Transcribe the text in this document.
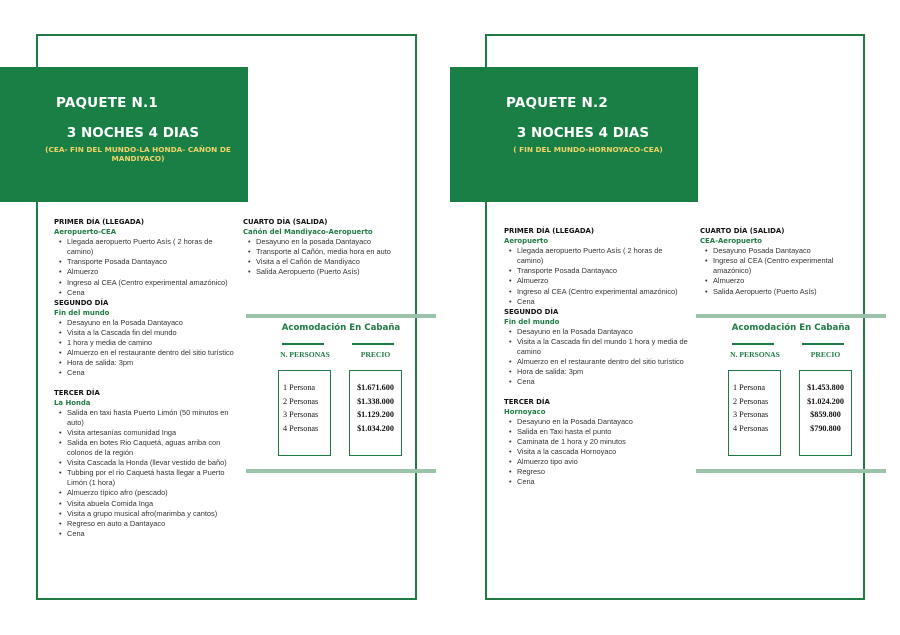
PAQUETE N.1
3 NOCHES 4 DIAS
(CEA- FIN DEL MUNDO-LA HONDA- CAÑON DE MANDIYACO)
PRIMER DÍA (LLEGADA)
Aeropuerto-CEA
• Llegada aeropuerto Puerto Asís ( 2 horas de camino)
• Transporte Posada Dantayaco
• Almuerzo
• Ingreso al CEA (Centro experimental amazónico)
• Cena
SEGUNDO DÍA
Fin del mundo
• Desayuno en la Posada Dantayaco
• Visita a la Cascada fin del mundo
• 1 hora y media de camino
• Almuerzo en el restaurante dentro del sitio turístico
• Hora de salida: 3pm
• Cena
TERCER DÍA
La Honda
• Salida en taxi hasta Puerto Limón (50 minutos en auto)
• Visita artesanías comunidad Inga
• Salida en botes Rio Caquetá, aguas arriba con colonos de la región
• Visita Cascada la Honda (llevar vestido de baño)
• Tubbing por el rio Caquetá hasta llegar a Puerto Limón (1 hora)
• Almuerzo típico afro (pescado)
• Visita abuela Comida Inga
• Visita a grupo musical afro(marimba y cantos)
• Regreso en auto a Dantayaco
• Cena
CUARTO DÍA (SALIDA)
Cañón del Mandiyaco-Aeropuerto
• Desayuno en la posada Dantayaco
• Transporte al Cañón, media hora en auto
• Visita a el Cañón de Mandiyaco
• Salida Aeropuerto (Puerto Asís)
Acomodación En Cabaña
N. PERSONAS	PRECIO
1 Persona
2 Personas
3 Personas
4 Personas
$1.671.600
$1.338.000
$1.129.200
$1.034.200
PAQUETE N.2
3 NOCHES 4 DIAS
( FIN DEL MUNDO-HORNOYACO-CEA)
PRIMER DÍA (LLEGADA)
Aeropuerto
• Llegada aeropuerto Puerto Asís ( 2 horas de camino)
• Transporte Posada Dantayaco
• Almuerzo
• Ingreso al CEA (Centro experimental amazónico)
• Cena
SEGUNDO DÍA
Fin del mundo
• Desayuno en la Posada Dantayaco
• Visita a la Cascada fin del mundo 1 hora y media de camino
• Almuerzo en el restaurante dentro del sitio turístico
• Hora de salida: 3pm
• Cena
TERCER DÍA
Hornoyaco
• Desayuno en la Posada Dantayaco
• Salida en Taxi hasta el punto
• Caminata de 1 hora y 20 minutos
• Visita a la cascada Hornoyaco
• Almuerzo tipo avio
• Regreso
• Cena
CUARTO DÍA (SALIDA)
CEA-Aeropuerto
• Desayuno Posada Dantayaco
• Ingreso al CEA (Centro experimental amazónico)
• Almuerzo
• Salida Aeropuerto (Puerto Asís)
Acomodación En Cabaña
N. PERSONAS	PRECIO
1 Persona
2 Personas
3 Personas
4 Personas
$1.453.800
$1.024.200
$859.800
$790.800
